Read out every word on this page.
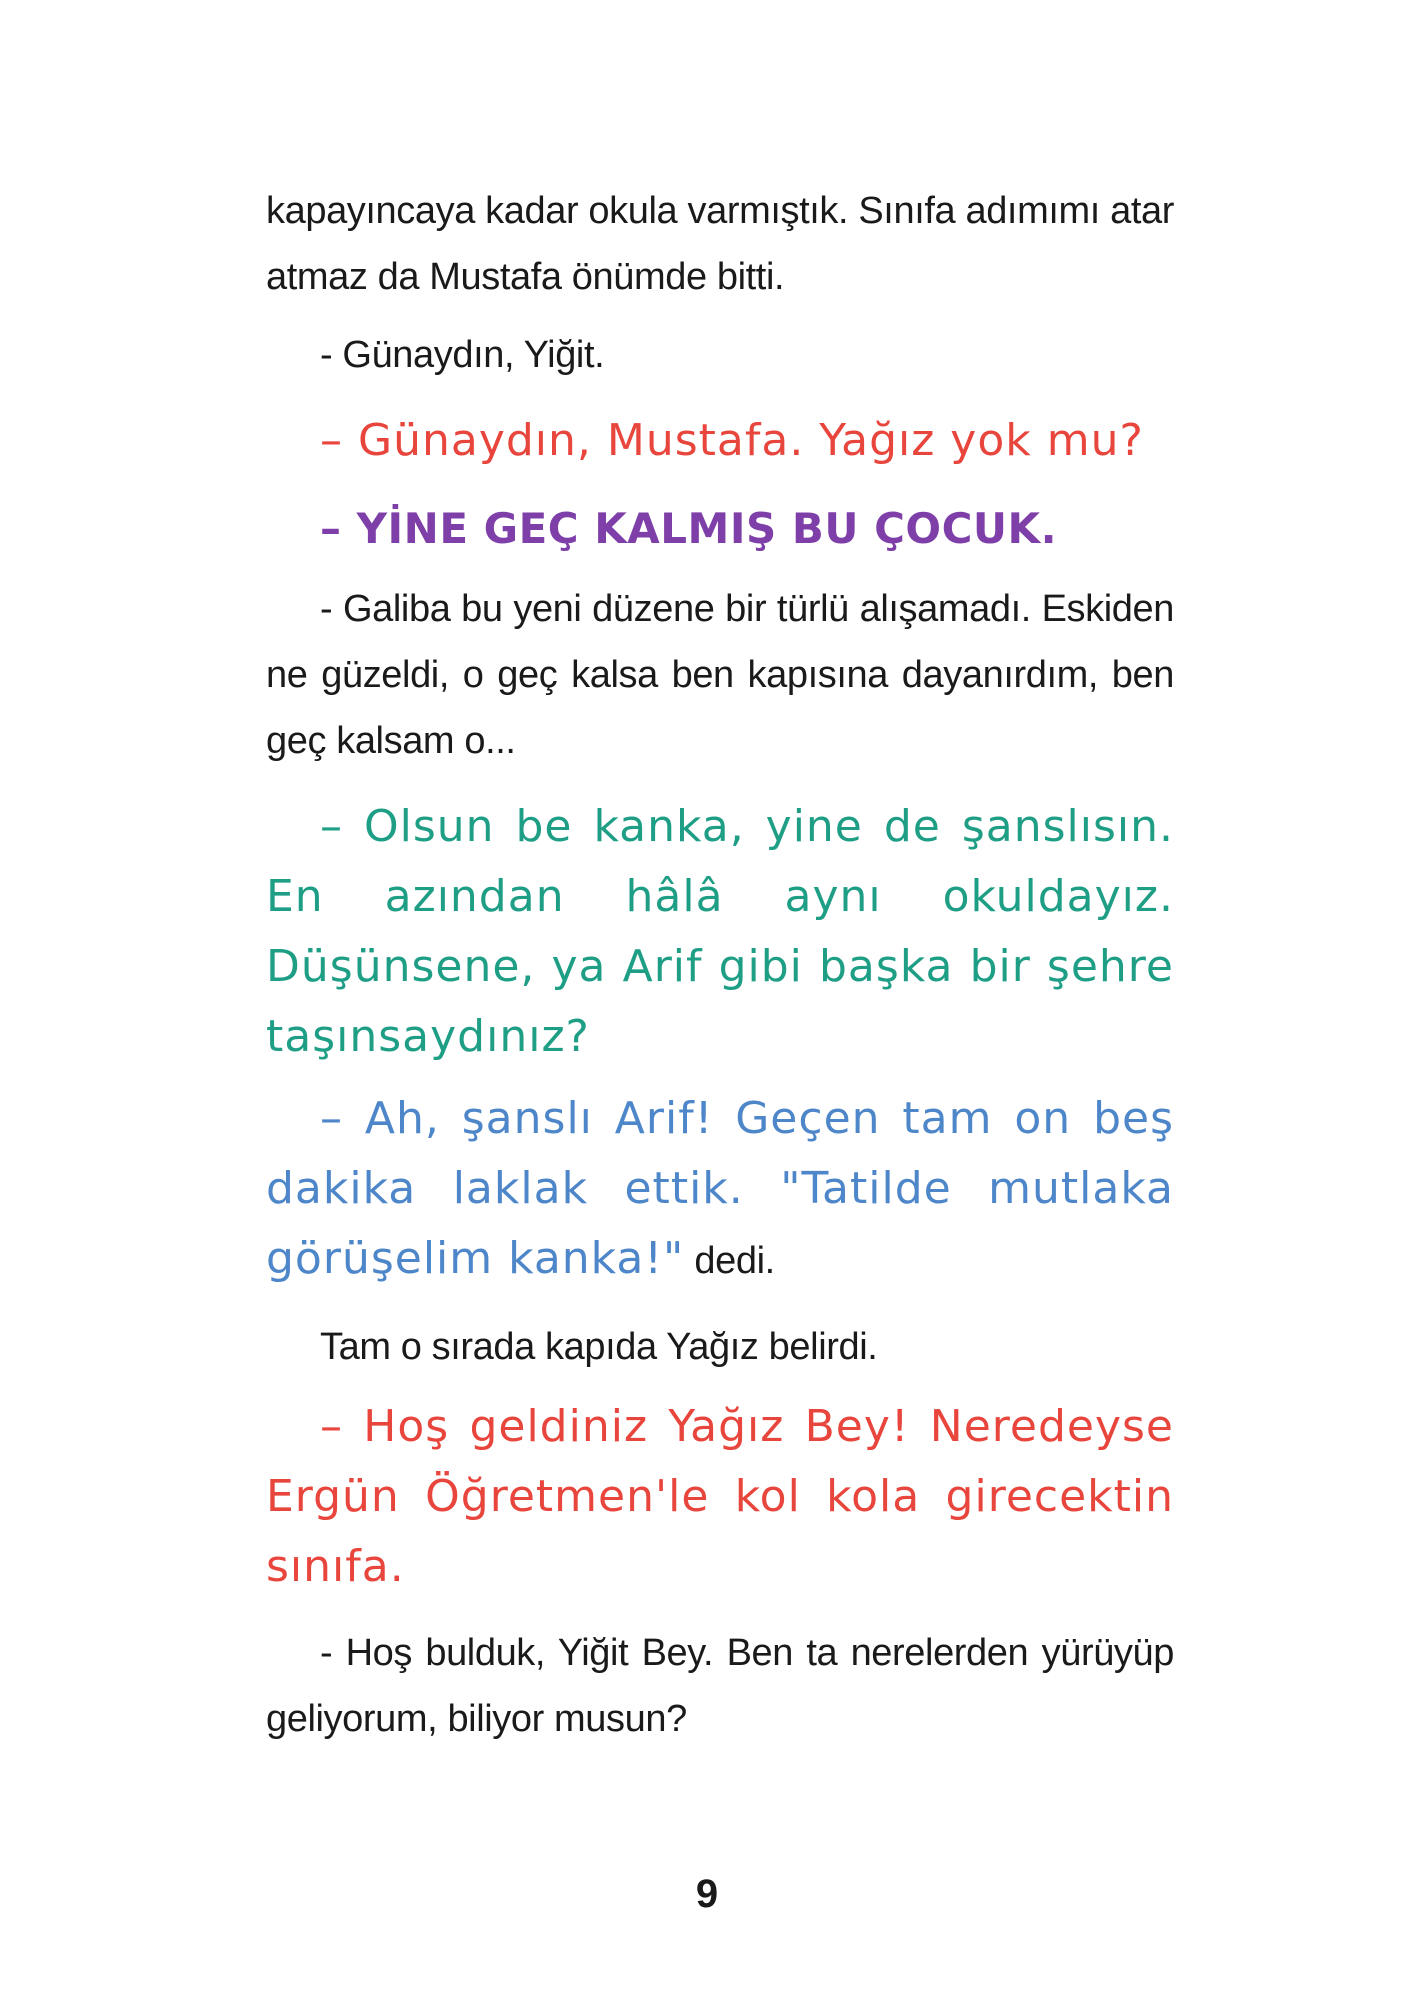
kapayıncaya kadar okula varmıştık. Sınıfa adımımı atar atmaz da Mustafa önümde bitti.

- Günaydın, Yiğit.

– Günaydın, Mustafa. Yağız yok mu?

– YİNE GEÇ KALMIŞ BU ÇOCUK.

- Galiba bu yeni düzene bir türlü alışamadı. Eskiden ne güzeldi, o geç kalsa ben kapısına dayanırdım, ben geç kalsam o...

– Olsun be kanka, yine de şanslısın. En azından hâlâ aynı okuldayız. Düşünsene, ya Arif gibi başka bir şehre taşınsaydınız?

– Ah, şanslı Arif! Geçen tam on beş dakika laklak ettik. "Tatilde mutlaka görüşelim kanka!" dedi.

Tam o sırada kapıda Yağız belirdi.

– Hoş geldiniz Yağız Bey! Neredeyse Ergün Öğretmen'le kol kola girecektin sınıfa.

- Hoş bulduk, Yiğit Bey. Ben ta nerelerden yürüyüp geliyorum, biliyor musun?

9
